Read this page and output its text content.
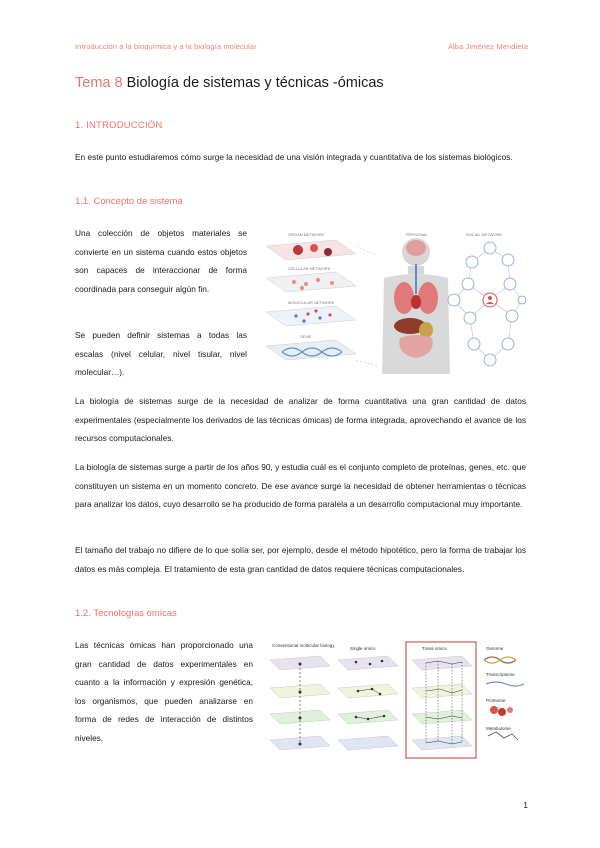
Introducción a la bioquímica y a la biología molecular	Alba Jiménez Mendieta
Tema 8 Biología de sistemas y técnicas -ómicas
1. INTRODUCCIÓN
En este punto estudiaremos cómo surge la necesidad de una visión integrada y cuantitativa de los sistemas biológicos.
1.1. Concepto de sistema
Una colección de objetos materiales se convierte en un sistema cuando estos objetos son capaces de interaccionar de forma coordinada para conseguir algún fin.
Se pueden definir sistemas a todas las escalas (nivel celular, nivel tisular, nivel molecular…).
ORGAN NETWORK
CELLULAR NETWORK
MOLECULAR NETWORK
GENE
PERSONAL	SOCIAL NETWORK
La biología de sistemas surge de la necesidad de analizar de forma cuantitativa una gran cantidad de datos experimentales (especialmente los derivados de las técnicas ómicas) de forma integrada, aprovechando el avance de los recursos computacionales.
La biología de sistemas surge a partir de los años 90, y estudia cuál es el conjunto completo de proteínas, genes, etc. que constituyen un sistema en un momento concreto. De ese avance surge la necesidad de obtener herramientas o técnicas para analizar los datos, cuyo desarrollo se ha producido de forma paralela a un desarrollo computacional muy importante.
El tamaño del trabajo no difiere de lo que solía ser, por ejemplo, desde el método hipotético, pero la forma de trabajar los datos es más compleja. El tratamiento de esta gran cantidad de datos requiere técnicas computacionales.
1.2. Tecnologías ómicas
Las técnicas ómicas han proporcionado una gran cantidad de datos experimentales en cuanto a la información y expresión genética, los organismos, que pueden analizarse en forma de redes de interacción de distintos niveles.
Conventional molecular biology
Single omics	Trans-omics	Genome
Transcriptome
Proteome
Metabolome
1
